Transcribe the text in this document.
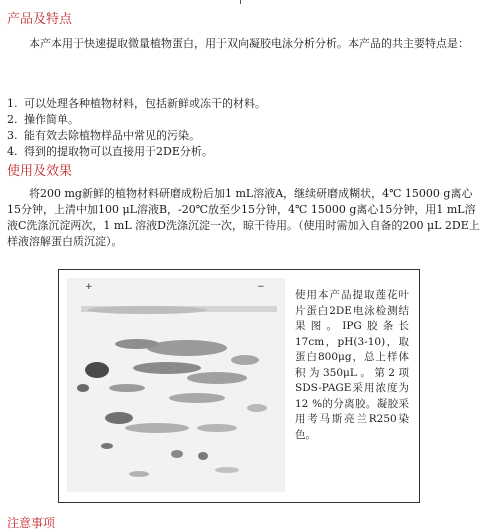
产品及特点

本产本用于快速提取微量植物蛋白，用于双向凝胶电泳分析分析。本产品的共主要特点是：

1. 可以处理各种植物材料，包括新鲜或冻干的材料。
2. 操作简单。
3. 能有效去除植物样品中常见的污染。
4. 得到的提取物可以直接用于2DE分析。
使用及效果

将200 mg新鲜的植物材料研磨成粉后加1 mL溶液A，继续研磨成糊状，4℃ 15000 g离心15分钟，上清中加100 μL溶液B，-20℃放至少15分钟，4℃ 15000 g离心15分钟，用1 mL溶液C洗涤沉淀两次，1 mL 溶液D洗涤沉淀一次，晾干待用。（使用时需加入自备的200 μL 2DE上样液溶解蛋白质沉淀）。

+	−

使用本产品提取莲花叶片蛋白2DE电泳检测结果图。IPG胶条长17cm，pH(3-10)，取蛋白800μg，总上样体积为350μL。第2项SDS-PAGE采用浓度为12 %的分离胶。凝胶采用考马斯亮兰R250染色。

注意事项
